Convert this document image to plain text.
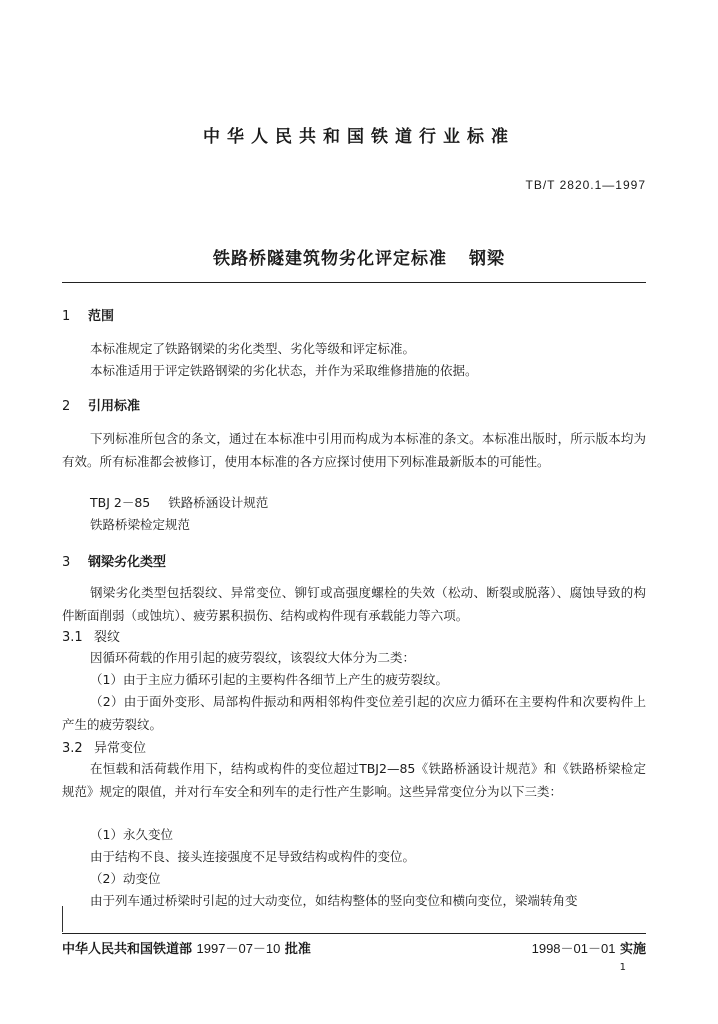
中华人民共和国铁道行业标准
TB/T 2820.1—1997
铁路桥隧建筑物劣化评定标准 钢梁
1 范围
本标准规定了铁路钢梁的劣化类型、劣化等级和评定标准。
本标准适用于评定铁路钢梁的劣化状态，并作为采取维修措施的依据。
2 引用标准
下列标准所包含的条文，通过在本标准中引用而构成为本标准的条文。本标准出版时，所示版本均为有效。所有标准都会被修订，使用本标准的各方应探讨使用下列标准最新版本的可能性。
TBJ 2－85 铁路桥涵设计规范
铁路桥梁检定规范
3 钢梁劣化类型
钢梁劣化类型包括裂纹、异常变位、铆钉或高强度螺栓的失效（松动、断裂或脱落）、腐蚀导致的构件断面削弱（或蚀坑）、疲劳累积损伤、结构或构件现有承载能力等六项。
3.1 裂纹
因循环荷载的作用引起的疲劳裂纹，该裂纹大体分为二类：
（1）由于主应力循环引起的主要构件各细节上产生的疲劳裂纹。
（2）由于面外变形、局部构件振动和两相邻构件变位差引起的次应力循环在主要构件和次要构件上产生的疲劳裂纹。
3.2 异常变位
在恒载和活荷载作用下，结构或构件的变位超过TBJ2—85《铁路桥涵设计规范》和《铁路桥梁检定规范》规定的限值，并对行车安全和列车的走行性产生影响。这些异常变位分为以下三类：
（1）永久变位
由于结构不良、接头连接强度不足导致结构或构件的变位。
（2）动变位
由于列车通过桥梁时引起的过大动变位，如结构整体的竖向变位和横向变位，梁端转角变
中华人民共和国铁道部 1997－07－10 批准	1998－01－01 实施
1
